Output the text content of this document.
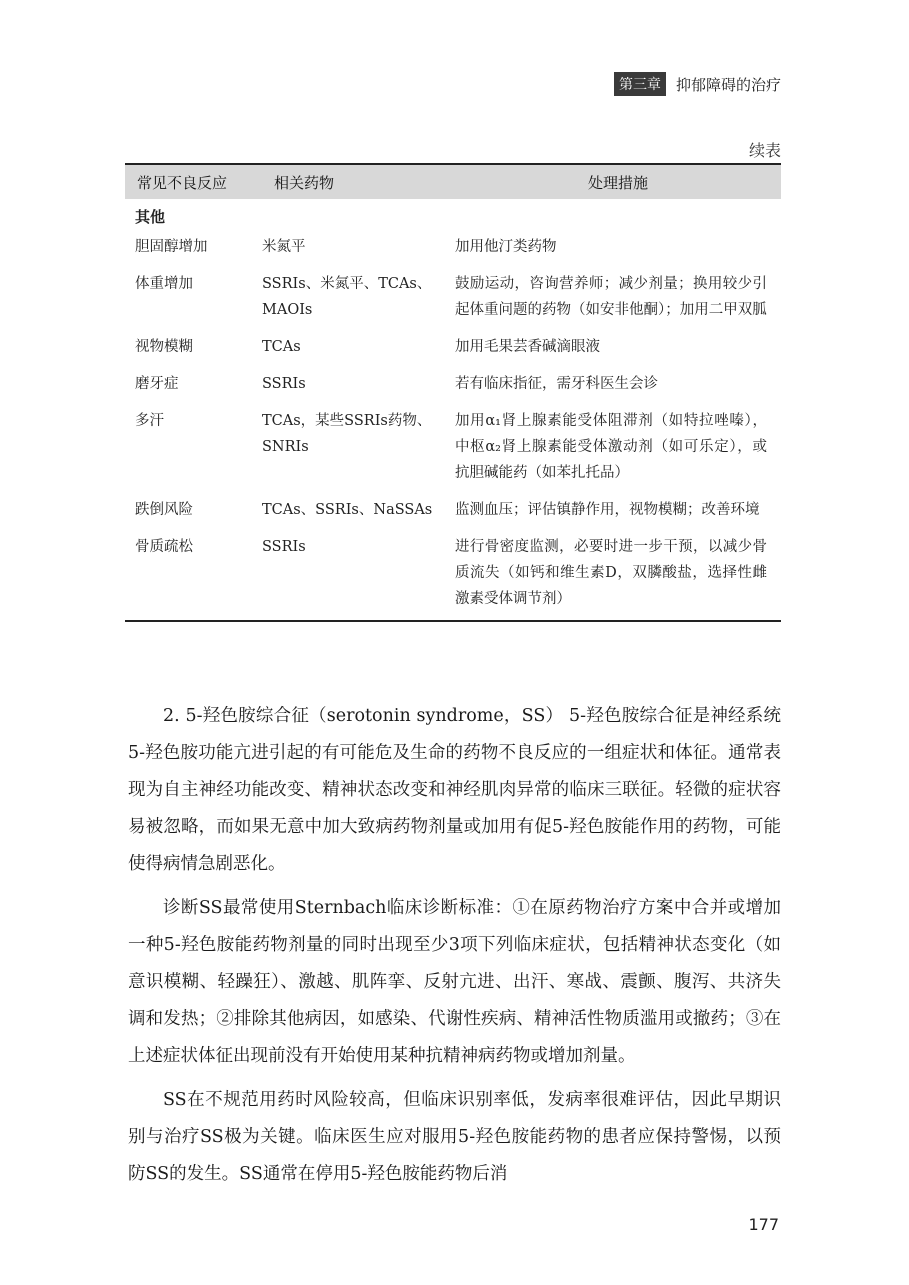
第三章	抑郁障碍的治疗
续表
常见不良反应	相关药物	处理措施
其他		
胆固醇增加	米氮平	加用他汀类药物
体重增加	SSRIs、米氮平、TCAs、MAOIs	鼓励运动，咨询营养师；减少剂量；换用较少引起体重问题的药物（如安非他酮）；加用二甲双胍
视物模糊	TCAs	加用毛果芸香碱滴眼液
磨牙症	SSRIs	若有临床指征，需牙科医生会诊
多汗	TCAs，某些SSRIs药物、SNRIs	加用α₁肾上腺素能受体阻滞剂（如特拉唑嗪），中枢α₂肾上腺素能受体激动剂（如可乐定），或抗胆碱能药（如苯扎托品）
跌倒风险	TCAs、SSRIs、NaSSAs	监测血压；评估镇静作用，视物模糊；改善环境
骨质疏松	SSRIs	进行骨密度监测，必要时进一步干预，以减少骨质流失（如钙和维生素D，双膦酸盐，选择性雌激素受体调节剂）

2. 5-羟色胺综合征（serotonin syndrome，SS） 5-羟色胺综合征是神经系统5-羟色胺功能亢进引起的有可能危及生命的药物不良反应的一组症状和体征。通常表现为自主神经功能改变、精神状态改变和神经肌肉异常的临床三联征。轻微的症状容易被忽略，而如果无意中加大致病药物剂量或加用有促5-羟色胺能作用的药物，可能使得病情急剧恶化。

诊断SS最常使用Sternbach临床诊断标准：①在原药物治疗方案中合并或增加一种5-羟色胺能药物剂量的同时出现至少3项下列临床症状，包括精神状态变化（如意识模糊、轻躁狂）、激越、肌阵挛、反射亢进、出汗、寒战、震颤、腹泻、共济失调和发热；②排除其他病因，如感染、代谢性疾病、精神活性物质滥用或撤药；③在上述症状体征出现前没有开始使用某种抗精神病药物或增加剂量。

SS在不规范用药时风险较高，但临床识别率低，发病率很难评估，因此早期识别与治疗SS极为关键。临床医生应对服用5-羟色胺能药物的患者应保持警惕，以预防SS的发生。SS通常在停用5-羟色胺能药物后消

177
